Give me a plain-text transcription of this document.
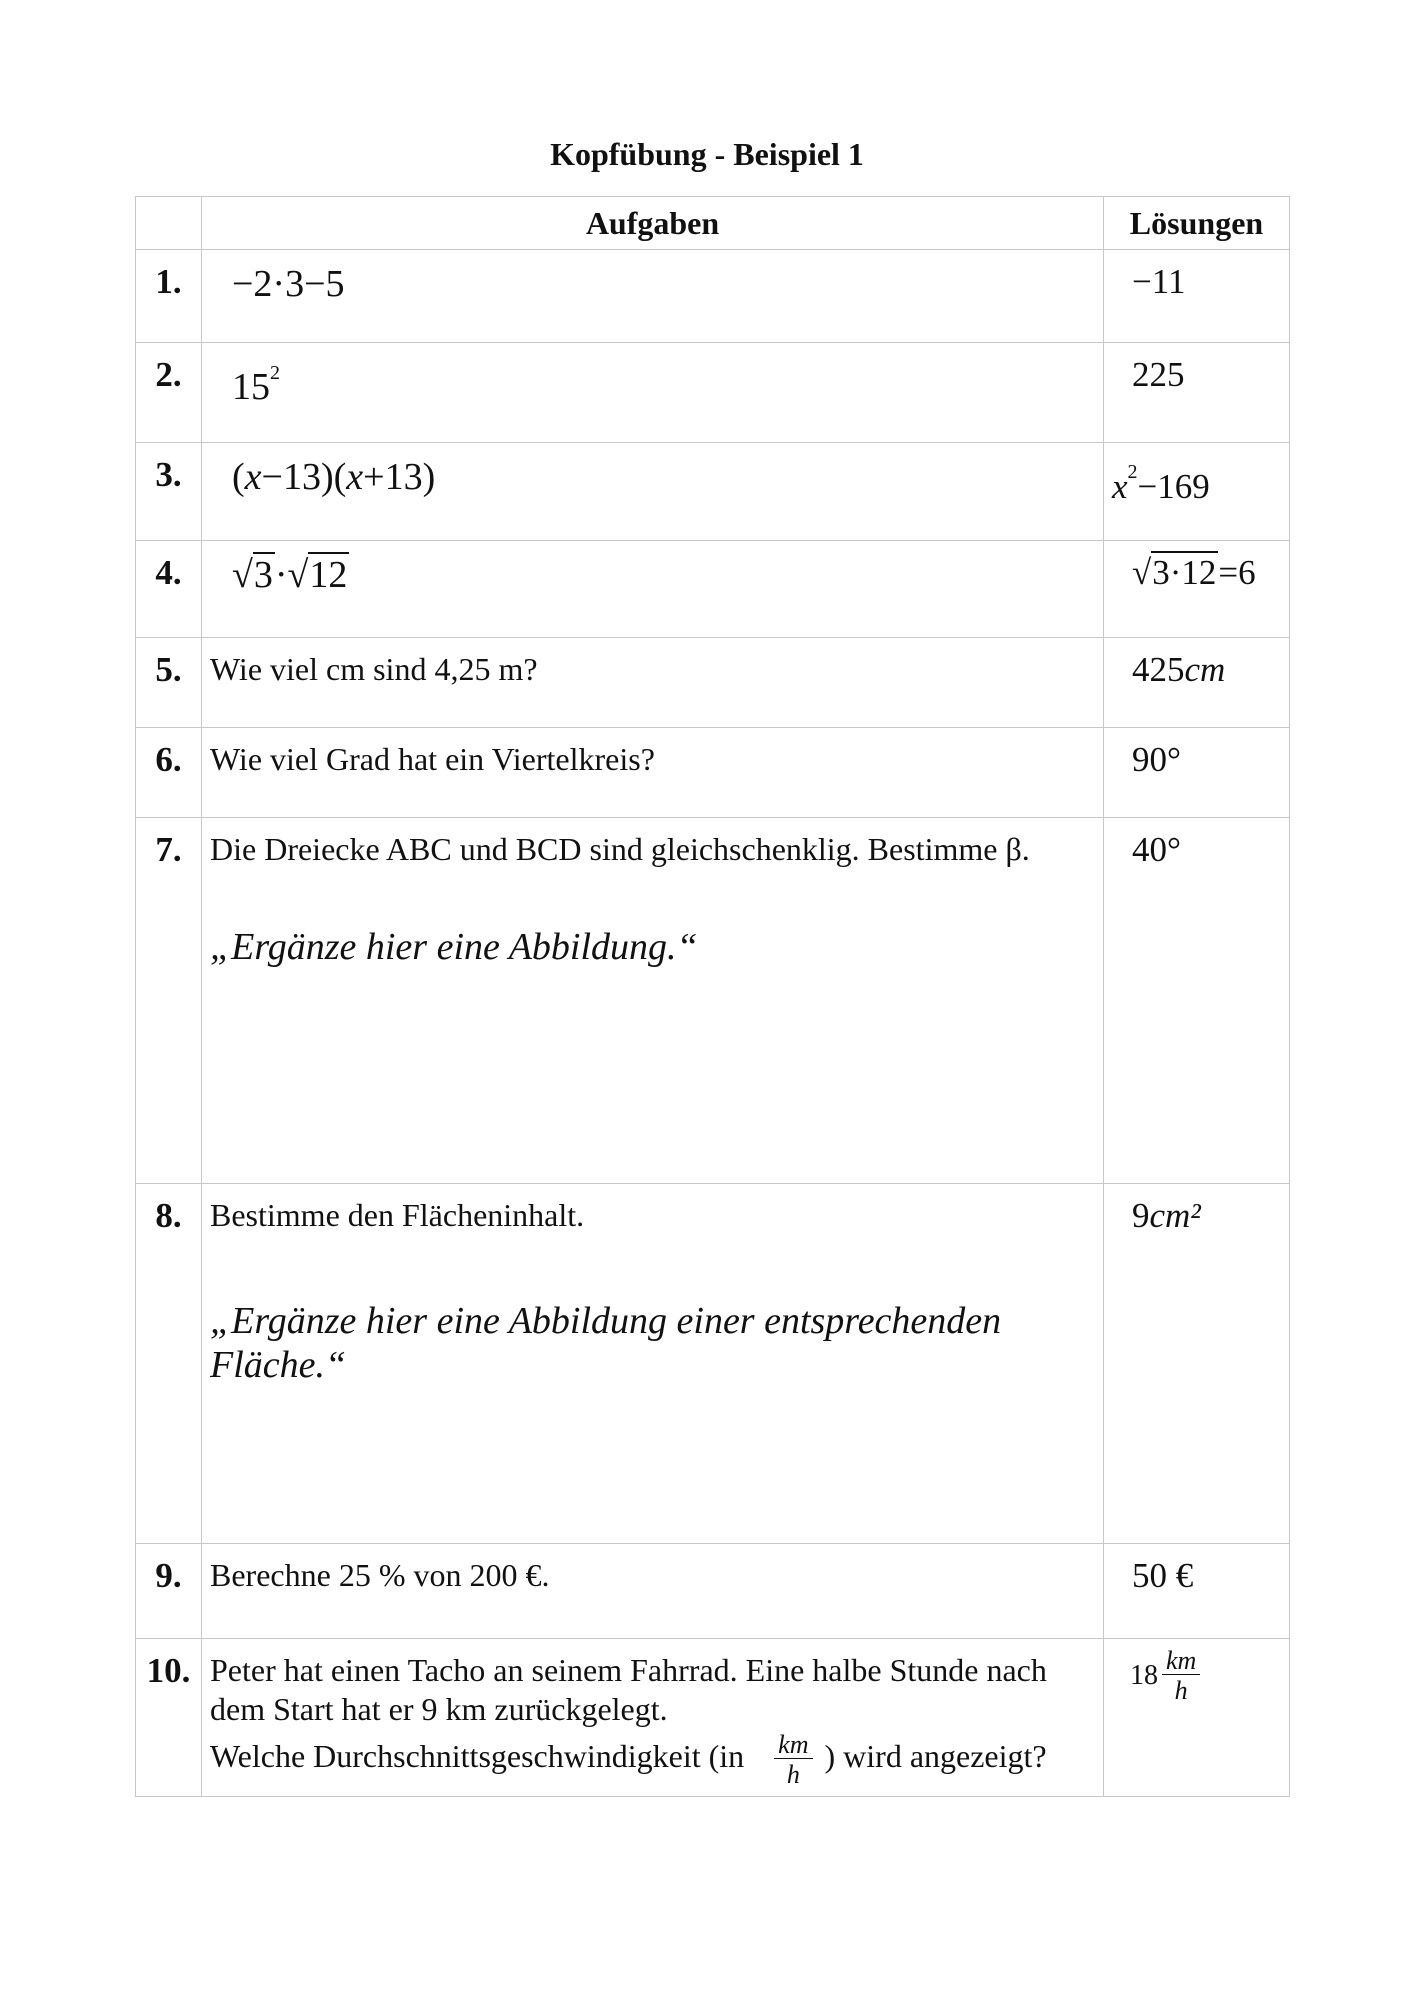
Kopfübung - Beispiel 1
	Aufgaben	Lösungen
1.	−2·3−5	−11
2.	$15^2$	225
3.	(x−13)(x+13)	$x^2-169$
4.	√3·√12	√3·12=6
5.	Wie viel cm sind 4,25 m?	425cm
6.	Wie viel Grad hat ein Viertelkreis?	90°
7.	Die Dreiecke ABC und BCD sind gleichschenklig. Bestimme β.
„Ergänze hier eine Abbildung.“	40°
8.	Bestimme den Flächeninhalt.
„Ergänze hier eine Abbildung einer entsprechenden Fläche.“	9cm²
9.	Berechne 25 % von 200 €.	50 €
10.	Peter hat einen Tacho an seinem Fahrrad. Eine halbe Stunde nach dem Start hat er 9 km zurückgelegt.
Welche Durchschnittsgeschwindigkeit ($in \frac{km}{h}$ ) wird angezeigt?	$18 \frac{km}{h}$
